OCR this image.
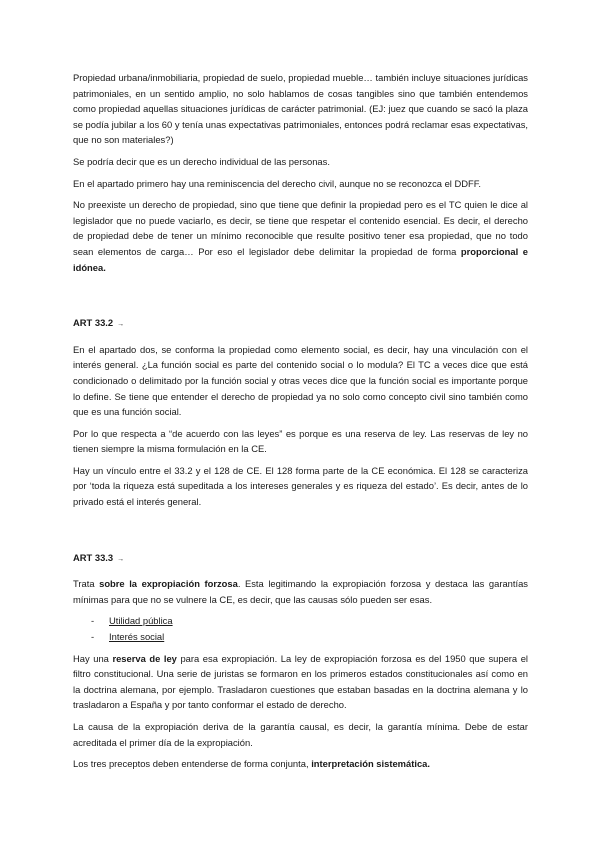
Propiedad urbana/inmobiliaria, propiedad de suelo, propiedad mueble… también incluye situaciones jurídicas patrimoniales, en un sentido amplio, no solo hablamos de cosas tangibles sino que también entendemos como propiedad aquellas situaciones jurídicas de carácter patrimonial. (EJ: juez que cuando se sacó la plaza se podía jubilar a los 60 y tenía unas expectativas patrimoniales, entonces podrá reclamar esas expectativas, que no son materiales?)

Se podría decir que es un derecho individual de las personas.

En el apartado primero hay una reminiscencia del derecho civil, aunque no se reconozca el DDFF.

No preexiste un derecho de propiedad, sino que tiene que definir la propiedad pero es el TC quien le dice al legislador que no puede vaciarlo, es decir, se tiene que respetar el contenido esencial. Es decir, el derecho de propiedad debe de tener un mínimo reconocible que resulte positivo tener esa propiedad, que no todo sean elementos de carga… Por eso el legislador debe delimitar la propiedad de forma proporcional e idónea.

ART 33.2 →

En el apartado dos, se conforma la propiedad como elemento social, es decir, hay una vinculación con el interés general. ¿La función social es parte del contenido social o lo modula? El TC a veces dice que está condicionado o delimitado por la función social y otras veces dice que la función social es importante porque lo define. Se tiene que entender el derecho de propiedad ya no solo como concepto civil sino también como que es una función social.

Por lo que respecta a “de acuerdo con las leyes” es porque es una reserva de ley. Las reservas de ley no tienen siempre la misma formulación en la CE.

Hay un vínculo entre el 33.2 y el 128 de CE. El 128 forma parte de la CE económica. El 128 se caracteriza por ‘toda la riqueza está supeditada a los intereses generales y es riqueza del estado’. Es decir, antes de lo privado está el interés general.

ART 33.3 →

Trata sobre la expropiación forzosa. Esta legitimando la expropiación forzosa y destaca las garantías mínimas para que no se vulnere la CE, es decir, que las causas sólo pueden ser esas.

- Utilidad pública
- Interés social

Hay una reserva de ley para esa expropiación. La ley de expropiación forzosa es del 1950 que supera el filtro constitucional. Una serie de juristas se formaron en los primeros estados constitucionales así como en la doctrina alemana, por ejemplo. Trasladaron cuestiones que estaban basadas en la doctrina alemana y lo trasladaron a España y por tanto conformar el estado de derecho.

La causa de la expropiación deriva de la garantía causal, es decir, la garantía mínima. Debe de estar acreditada el primer día de la expropiación.

Los tres preceptos deben entenderse de forma conjunta, interpretación sistemática.
